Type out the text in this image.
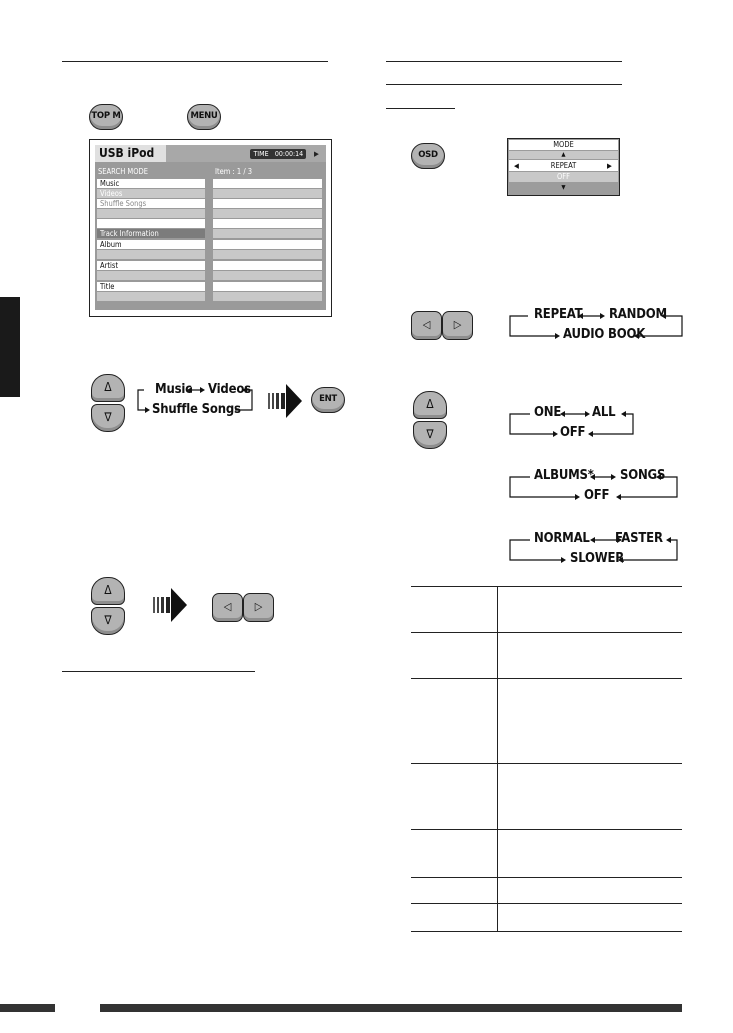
TOP M	MENU
USB iPod	TIME 00:00:14	▶
SEARCH MODE	Item : 1 / 3
Music
Videos
Shuffle Songs
Track Information
Album
Artist
Title
Δ
∇
Music Videos
Shuffle Songs
ENT
Δ
∇
◁	▷
OSD
MODE
▲
◀	REPEAT	▶
OFF
▼
◁	▷
REPEAT RANDOM
AUDIO BOOK
Δ
∇
ONE ALL
OFF
ALBUMS* SONGS
OFF
NORMAL FASTER
SLOWER
